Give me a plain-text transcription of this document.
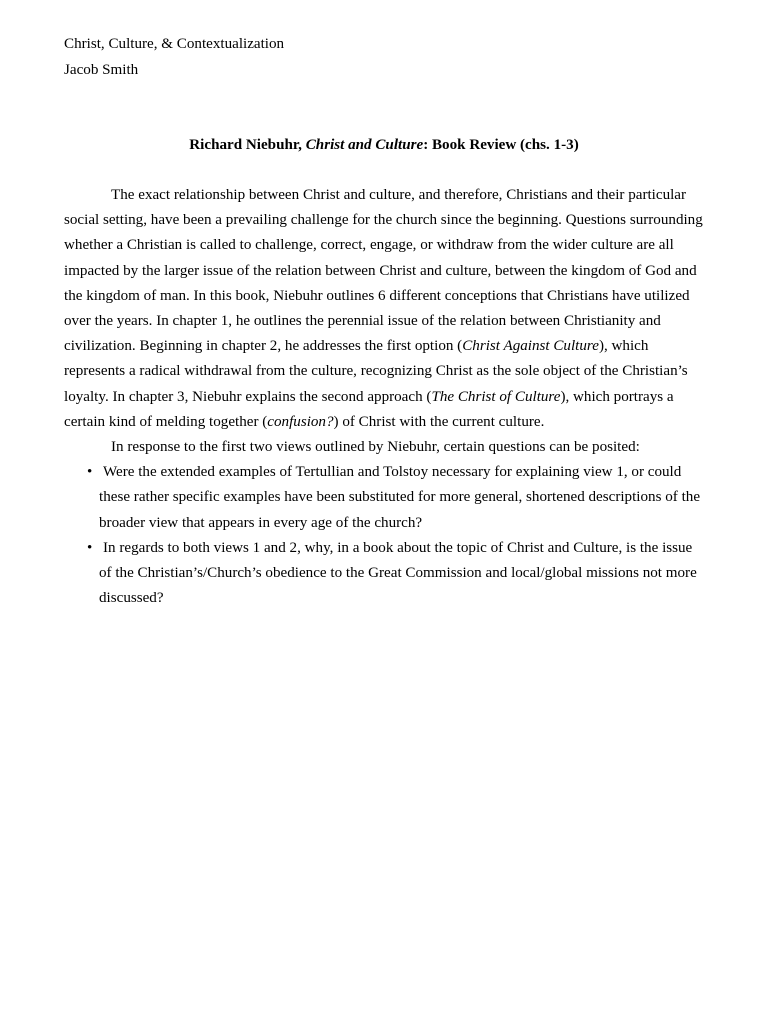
Christ, Culture, & Contextualization
Jacob Smith
Richard Niebuhr, Christ and Culture: Book Review (chs. 1-3)

The exact relationship between Christ and culture, and therefore, Christians and their particular social setting, have been a prevailing challenge for the church since the beginning. Questions surrounding whether a Christian is called to challenge, correct, engage, or withdraw from the wider culture are all impacted by the larger issue of the relation between Christ and culture, between the kingdom of God and the kingdom of man. In this book, Niebuhr outlines 6 different conceptions that Christians have utilized over the years. In chapter 1, he outlines the perennial issue of the relation between Christianity and civilization. Beginning in chapter 2, he addresses the first option (Christ Against Culture), which represents a radical withdrawal from the culture, recognizing Christ as the sole object of the Christian’s loyalty. In chapter 3, Niebuhr explains the second approach (The Christ of Culture), which portrays a certain kind of melding together (confusion?) of Christ with the current culture.

In response to the first two views outlined by Niebuhr, certain questions can be posited:

• Were the extended examples of Tertullian and Tolstoy necessary for explaining view 1, or could these rather specific examples have been substituted for more general, shortened descriptions of the broader view that appears in every age of the church?
• In regards to both views 1 and 2, why, in a book about the topic of Christ and Culture, is the issue of the Christian’s/Church’s obedience to the Great Commission and local/global missions not more discussed?
